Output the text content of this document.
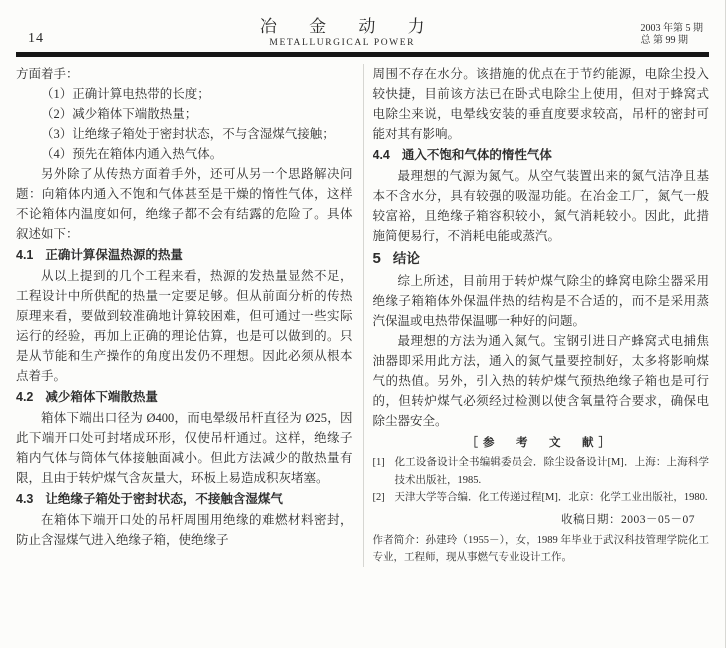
14
冶 金 动 力
METALLURGICAL POWER
2003 年第 5 期
总 第 99 期

方面着手：

（1）正确计算电热带的长度；

（2）减少箱体下端散热量；

（3）让绝缘子箱处于密封状态，不与含湿煤气接触；

（4）预先在箱体内通入热气体。

另外除了从传热方面着手外，还可从另一个思路解决问题：向箱体内通入不饱和气体甚至是干燥的惰性气体，这样不论箱体内温度如何，绝缘子都不会有结露的危险了。具体叙述如下：

4.1 正确计算保温热源的热量

从以上提到的几个工程来看，热源的发热量显然不足，工程设计中所供配的热量一定要足够。但从前面分析的传热原理来看，要做到较准确地计算较困难，但可通过一些实际运行的经验，再加上正确的理论估算，也是可以做到的。只是从节能和生产操作的角度出发仍不理想。因此必须从根本点着手。

4.2 减少箱体下端散热量

箱体下端出口径为 Ø400，而电晕级吊杆直径为 Ø25，因此下端开口处可封堵成环形，仅使吊杆通过。这样，绝缘子箱内气体与筒体气体接触面减小。但此方法减少的散热量有限，且由于转炉煤气含灰量大，环板上易造成积灰堵塞。

4.3 让绝缘子箱处于密封状态，不接触含湿煤气

在箱体下端开口处的吊杆周围用绝缘的难燃材料密封，防止含湿煤气进入绝缘子箱，使绝缘子

周围不存在水分。该措施的优点在于节约能源，电除尘投入较快捷，目前该方法已在卧式电除尘上使用，但对于蜂窝式电除尘来说，电晕线安装的垂直度要求较高，吊杆的密封可能对其有影响。

4.4 通入不饱和气体的惰性气体

最理想的气源为氮气。从空气装置出来的氮气洁净且基本不含水分，具有较强的吸湿功能。在冶金工厂，氮气一般较富裕，且绝缘子箱容积较小，氮气消耗较小。因此，此措施简便易行，不消耗电能或蒸汽。

5 结论

综上所述，目前用于转炉煤气除尘的蜂窝电除尘器采用绝缘子箱箱体外保温伴热的结构是不合适的，而不是采用蒸汽保温或电热带保温哪一种好的问题。

最理想的方法为通入氮气。宝钢引进日产蜂窝式电捕焦油器即采用此方法，通入的氮气量要控制好，太多将影响煤气的热值。另外，引入热的转炉煤气预热绝缘子箱也是可行的，但转炉煤气必须经过检测以使含氧量符合要求，确保电除尘器安全。

［参　考　文　献］

[1] 化工设备设计全书编辑委员会．除尘设备设计[M]．上海：上海科学技术出版社，1985.

[2] 天津大学等合编．化工传递过程[M]．北京：化学工业出版社，1980.

收稿日期：2003－05－07

作者简介：孙建玲（1955－），女，1989 年毕业于武汉科技管理学院化工专业，工程师，现从事燃气专业设计工作。
